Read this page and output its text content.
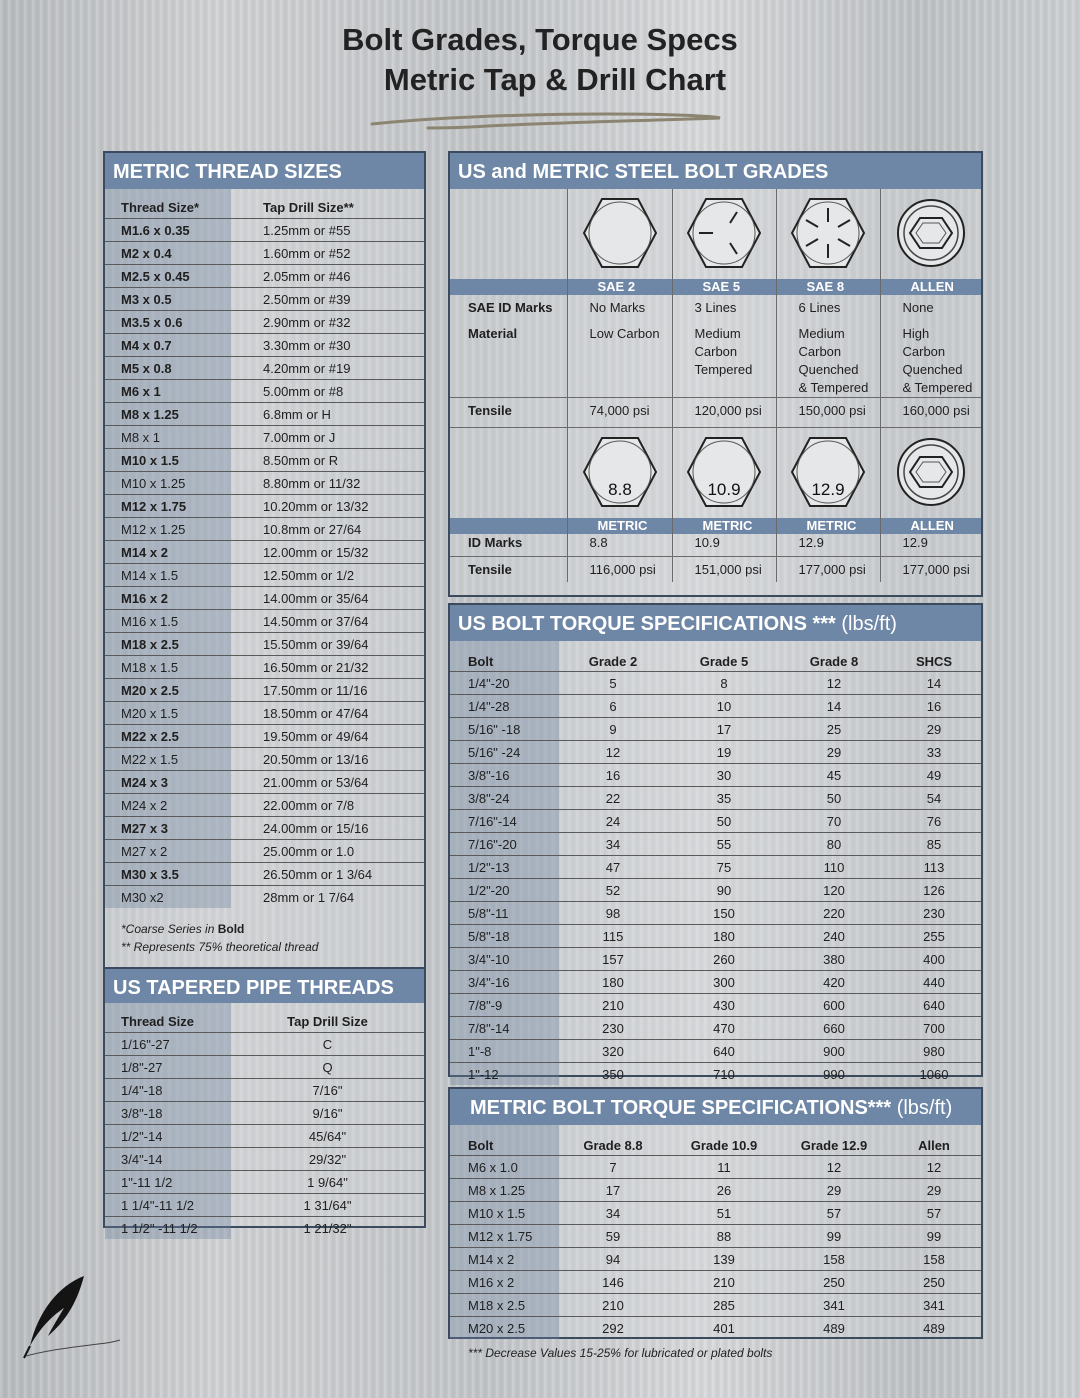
Bolt Grades, Torque Specs
Metric Tap & Drill Chart
METRIC THREAD SIZES
Thread Size*	Tap Drill Size**
M1.6 x 0.35	1.25mm or #55
M2 x 0.4	1.60mm or #52
M2.5 x 0.45	2.05mm or #46
M3 x 0.5	2.50mm or #39
M3.5 x 0.6	2.90mm or #32
M4 x 0.7	3.30mm or #30
M5 x 0.8	4.20mm or #19
M6 x 1	5.00mm or #8
M8 x 1.25	6.8mm or H
M8 x 1	7.00mm or J
M10 x 1.5	8.50mm or R
M10 x 1.25	8.80mm or 11/32
M12 x 1.75	10.20mm or 13/32
M12 x 1.25	10.8mm or 27/64
M14 x 2	12.00mm or 15/32
M14 x 1.5	12.50mm or 1/2
M16 x 2	14.00mm or 35/64
M16 x 1.5	14.50mm or 37/64
M18 x 2.5	15.50mm or 39/64
M18 x 1.5	16.50mm or 21/32
M20 x 2.5	17.50mm or 11/16
M20 x 1.5	18.50mm or 47/64
M22 x 2.5	19.50mm or 49/64
M22 x 1.5	20.50mm or 13/16
M24 x 3	21.00mm or 53/64
M24 x 2	22.00mm or 7/8
M27 x 3	24.00mm or 15/16
M27 x 2	25.00mm or 1.0
M30 x 3.5	26.50mm or 1 3/64
M30 x2	28mm or 1 7/64
*Coarse Series in Bold
** Represents 75% theoretical thread
US TAPERED PIPE THREADS
Thread Size	Tap Drill Size
1/16"-27	C
1/8"-27	Q
1/4"-18	7/16"
3/8"-18	9/16"
1/2"-14	45/64"
3/4"-14	29/32"
1"-11 1/2	1 9/64"
1 1/4"-11 1/2	1 31/64"
1 1/2" -11 1/2	1 21/32"
US and METRIC STEEL BOLT GRADES

	SAE 2	SAE 5	SAE 8	ALLEN
SAE ID Marks	No Marks	3 Lines	6 Lines	None
Material	Low Carbon	Medium
Carbon
Tempered	Medium
Carbon
Quenched
& Tempered	High
Carbon
Quenched
& Tempered
Tensile	74,000 psi	120,000 psi	150,000 psi	160,000 psi

8.8	10.9	12.9

	METRIC	METRIC	METRIC	ALLEN
ID Marks	8.8	10.9	12.9	12.9
Tensile	116,000 psi	151,000 psi	177,000 psi	177,000 psi
US BOLT TORQUE SPECIFICATIONS *** (lbs/ft)
Bolt	Grade 2	Grade 5	Grade 8	SHCS
1/4"-20	5	8	12	14
1/4"-28	6	10	14	16
5/16" -18	9	17	25	29
5/16" -24	12	19	29	33
3/8"-16	16	30	45	49
3/8"-24	22	35	50	54
7/16"-14	24	50	70	76
7/16"-20	34	55	80	85
1/2"-13	47	75	110	113
1/2"-20	52	90	120	126
5/8"-11	98	150	220	230
5/8"-18	115	180	240	255
3/4"-10	157	260	380	400
3/4"-16	180	300	420	440
7/8"-9	210	430	600	640
7/8"-14	230	470	660	700
1"-8	320	640	900	980
1"-12	350	710	990	1060
METRIC BOLT TORQUE SPECIFICATIONS*** (lbs/ft)
Bolt	Grade 8.8	Grade 10.9	Grade 12.9	Allen
M6 x 1.0	7	11	12	12
M8 x 1.25	17	26	29	29
M10 x 1.5	34	51	57	57
M12 x 1.75	59	88	99	99
M14 x 2	94	139	158	158
M16 x 2	146	210	250	250
M18 x 2.5	210	285	341	341
M20 x 2.5	292	401	489	489
*** Decrease Values 15-25% for lubricated or plated bolts
